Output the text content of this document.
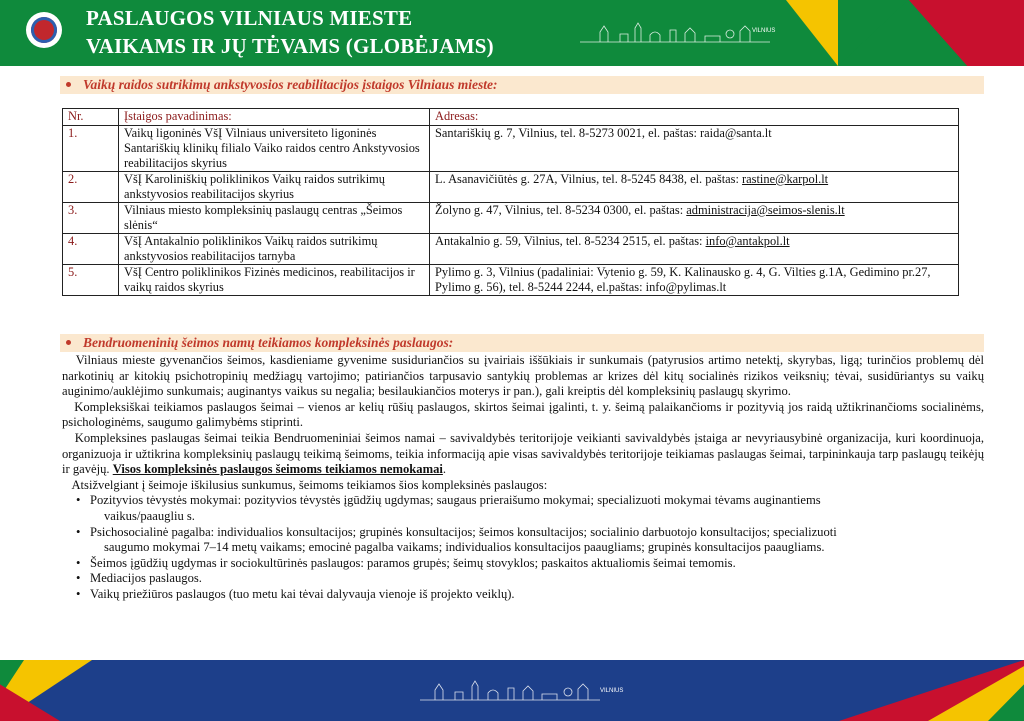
PASLAUGOS VILNIAUS MIESTE
VAIKAMS IR JŲ TĖVAMS (GLOBĖJAMS)
VILNIUS
Vaikų raidos sutrikimų ankstyvosios reabilitacijos įstaigos Vilniaus mieste:
Nr.	Įstaigos pavadinimas:	Adresas:
1.	Vaikų ligoninės VšĮ Vilniaus universiteto ligoninės Santariškių klinikų filialo Vaiko raidos centro Ankstyvosios reabilitacijos skyrius	Santariškių g. 7, Vilnius, tel. 8-5273 0021, el. paštas: raida@santa.lt
2.	VšĮ Karoliniškių poliklinikos Vaikų raidos sutrikimų ankstyvosios reabilitacijos skyrius	L. Asanavičiūtės g. 27A, Vilnius, tel. 8-5245 8438, el. paštas: rastine@karpol.lt
3.	Vilniaus miesto kompleksinių paslaugų centras „Šeimos slėnis“	Žolyno g. 47, Vilnius, tel. 8-5234 0300, el. paštas: administracija@seimos-slenis.lt
4.	VšĮ Antakalnio poliklinikos Vaikų raidos sutrikimų ankstyvosios reabilitacijos tarnyba	Antakalnio g. 59, Vilnius, tel. 8-5234 2515, el. paštas: info@antakpol.lt
5.	VšĮ Centro poliklinikos Fizinės medicinos, reabilitacijos ir vaikų raidos skyrius	Pylimo g. 3, Vilnius (padaliniai: Vytenio g. 59, K. Kalinausko g. 4, G. Vilties g.1A, Gedimino pr.27, Pylimo g. 56), tel. 8-5244 2244, el.paštas: info@pylimas.lt
Bendruomeninių šeimos namų teikiamos kompleksinės paslaugos:

Vilniaus mieste gyvenančios šeimos, kasdieniame gyvenime susiduriančios su įvairiais iššūkiais ir sunkumais (patyrusios artimo netektį, skyrybas, ligą; turinčios problemų dėl narkotinių ar kitokių psichotropinių medžiagų vartojimo; patiriančios tarpusavio santykių problemas ar krizes dėl kitų socialinės rizikos veiksnių; tėvai, susidūriantys su vaikų auginimo/auklėjimo sunkumais; auginantys vaikus su negalia; besilaukiančios moterys ir pan.), gali kreiptis dėl kompleksinių paslaugų skyrimo.

Kompleksiškai teikiamos paslaugos šeimai – vienos ar kelių rūšių paslaugos, skirtos šeimai įgalinti, t. y. šeimą palaikančioms ir pozityvią jos raidą užtikrinančioms socialinėms, psichologinėms, saugumo galimybėms stiprinti.

Kompleksines paslaugas šeimai teikia Bendruomeniniai šeimos namai – savivaldybės teritorijoje veikianti savivaldybės įstaiga ar nevyriausybinė organizacija, kuri koordinuoja, organizuoja ir užtikrina kompleksinių paslaugų teikimą šeimoms, teikia informaciją apie visas savivaldybės teritorijoje teikiamas paslaugas šeimai, tarpininkauja tarp paslaugų teikėjų ir gavėjų. Visos kompleksinės paslaugos šeimoms teikiamos nemokamai.

Atsižvelgiant į šeimoje iškilusius sunkumus, šeimoms teikiamos šios kompleksinės paslaugos:

• Pozityvios tėvystės mokymai: pozityvios tėvystės įgūdžių ugdymas; saugaus prieraišumo mokymai; specializuoti mokymai tėvams auginantiems
vaikus/paaugliu s.
• Psichosocialinė pagalba: individualios konsultacijos; grupinės konsultacijos; šeimos konsultacijos; socialinio darbuotojo konsultacijos; specializuoti
saugumo mokymai 7–14 metų vaikams; emocinė pagalba vaikams; individualios konsultacijos paaugliams; grupinės konsultacijos paaugliams.
• Šeimos įgūdžių ugdymas ir sociokultūrinės paslaugos: paramos grupės; šeimų stovyklos; paskaitos aktualiomis šeimai temomis.
• Mediacijos paslaugos.
• Vaikų priežiūros paslaugos (tuo metu kai tėvai dalyvauja vienoje iš projekto veiklų).
VILNIUS
